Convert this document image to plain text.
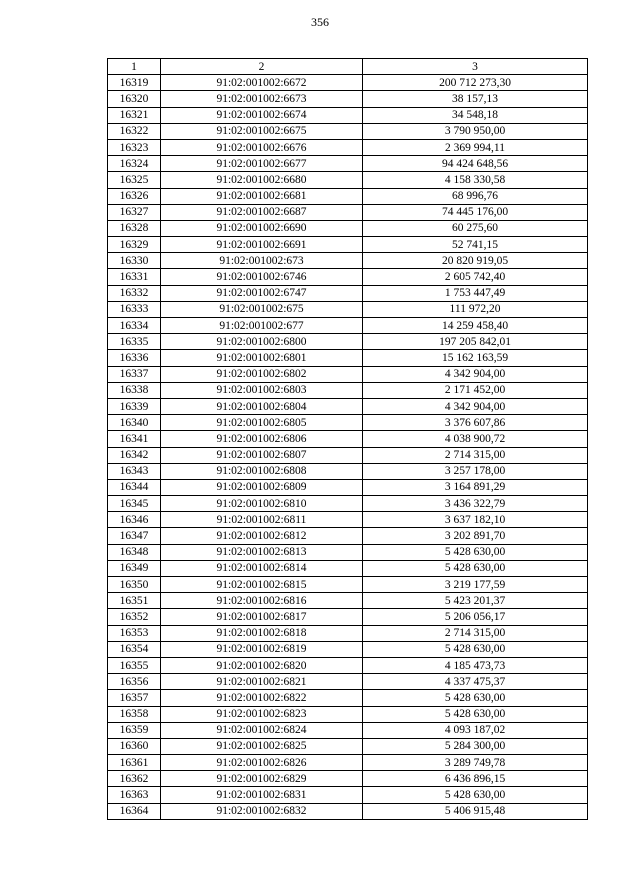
356
1	2	3
16319	91:02:001002:6672	200 712 273,30
16320	91:02:001002:6673	38 157,13
16321	91:02:001002:6674	34 548,18
16322	91:02:001002:6675	3 790 950,00
16323	91:02:001002:6676	2 369 994,11
16324	91:02:001002:6677	94 424 648,56
16325	91:02:001002:6680	4 158 330,58
16326	91:02:001002:6681	68 996,76
16327	91:02:001002:6687	74 445 176,00
16328	91:02:001002:6690	60 275,60
16329	91:02:001002:6691	52 741,15
16330	91:02:001002:673	20 820 919,05
16331	91:02:001002:6746	2 605 742,40
16332	91:02:001002:6747	1 753 447,49
16333	91:02:001002:675	111 972,20
16334	91:02:001002:677	14 259 458,40
16335	91:02:001002:6800	197 205 842,01
16336	91:02:001002:6801	15 162 163,59
16337	91:02:001002:6802	4 342 904,00
16338	91:02:001002:6803	2 171 452,00
16339	91:02:001002:6804	4 342 904,00
16340	91:02:001002:6805	3 376 607,86
16341	91:02:001002:6806	4 038 900,72
16342	91:02:001002:6807	2 714 315,00
16343	91:02:001002:6808	3 257 178,00
16344	91:02:001002:6809	3 164 891,29
16345	91:02:001002:6810	3 436 322,79
16346	91:02:001002:6811	3 637 182,10
16347	91:02:001002:6812	3 202 891,70
16348	91:02:001002:6813	5 428 630,00
16349	91:02:001002:6814	5 428 630,00
16350	91:02:001002:6815	3 219 177,59
16351	91:02:001002:6816	5 423 201,37
16352	91:02:001002:6817	5 206 056,17
16353	91:02:001002:6818	2 714 315,00
16354	91:02:001002:6819	5 428 630,00
16355	91:02:001002:6820	4 185 473,73
16356	91:02:001002:6821	4 337 475,37
16357	91:02:001002:6822	5 428 630,00
16358	91:02:001002:6823	5 428 630,00
16359	91:02:001002:6824	4 093 187,02
16360	91:02:001002:6825	5 284 300,00
16361	91:02:001002:6826	3 289 749,78
16362	91:02:001002:6829	6 436 896,15
16363	91:02:001002:6831	5 428 630,00
16364	91:02:001002:6832	5 406 915,48
